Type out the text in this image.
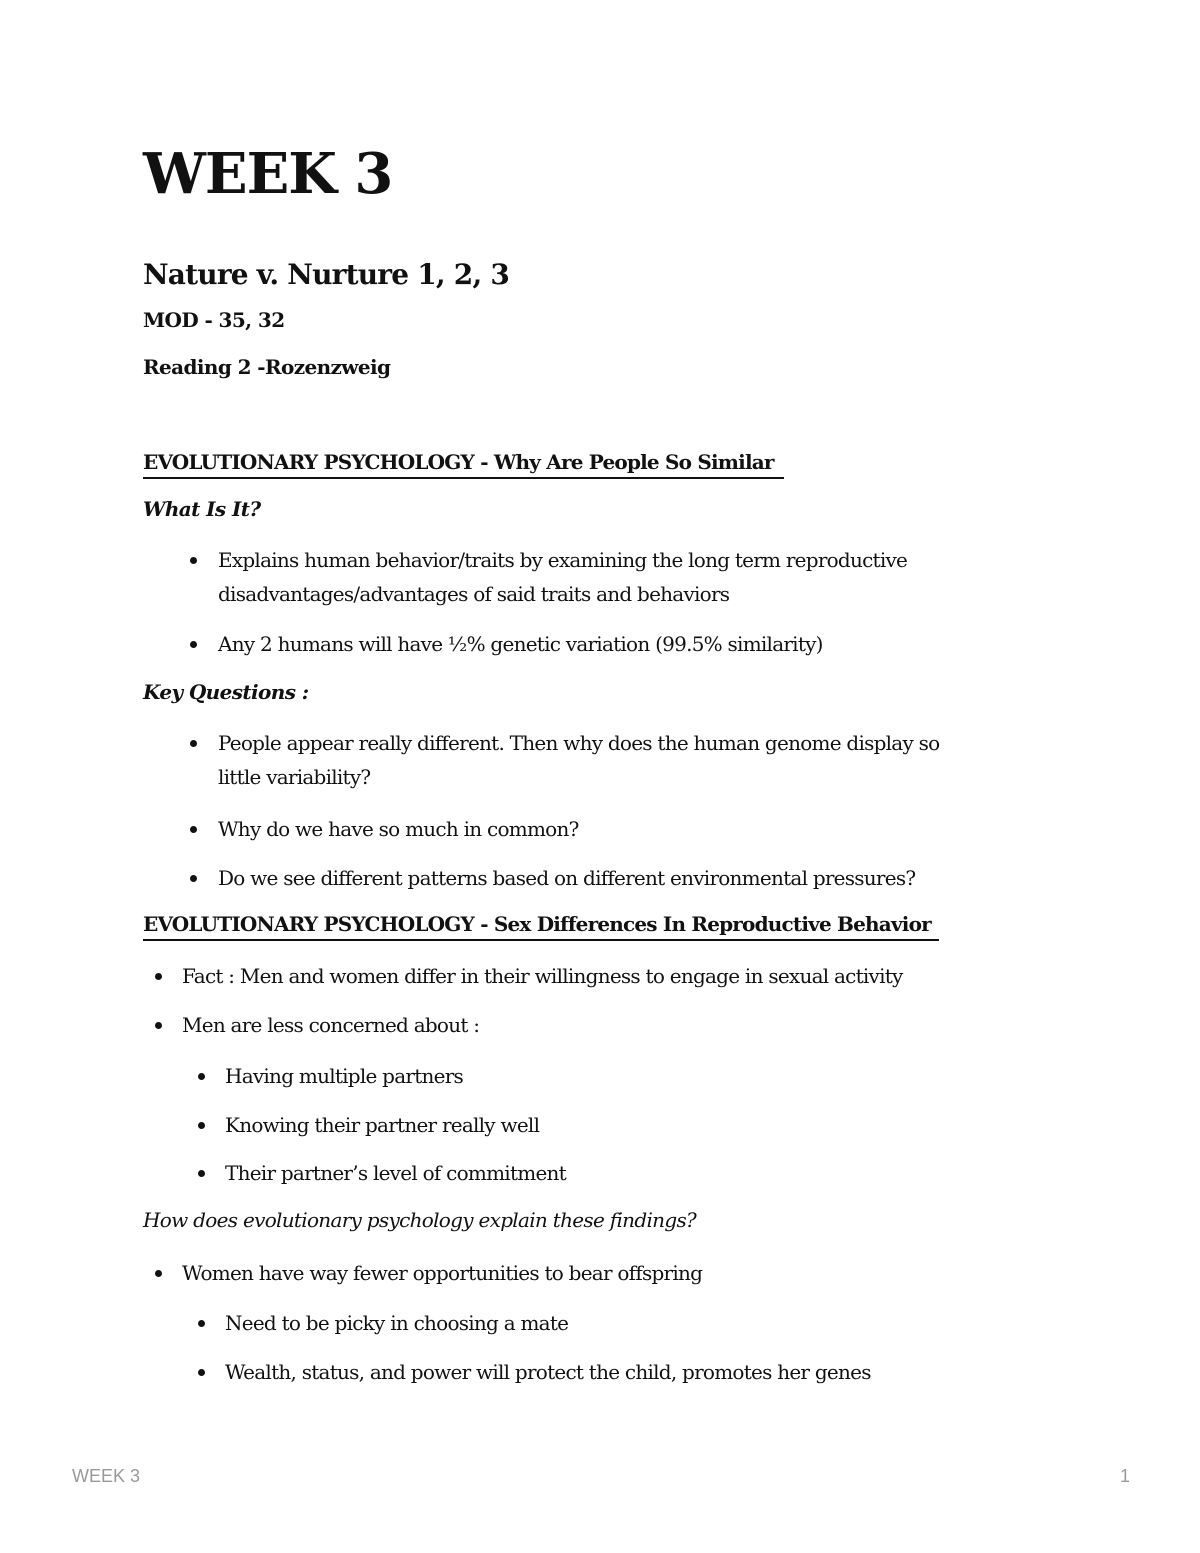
WEEK 3
Nature v. Nurture 1, 2, 3
MOD - 35, 32
Reading 2 -Rozenzweig
EVOLUTIONARY PSYCHOLOGY - Why Are People So Similar
What Is It?
Explains human behavior/traits by examining the long term reproductive
disadvantages/advantages of said traits and behaviors
Any 2 humans will have ½% genetic variation (99.5% similarity)
Key Questions :
People appear really different. Then why does the human genome display so
little variability?
Why do we have so much in common?
Do we see different patterns based on different environmental pressures?
EVOLUTIONARY PSYCHOLOGY - Sex Differences In Reproductive Behavior
Fact : Men and women differ in their willingness to engage in sexual activity
Men are less concerned about :
Having multiple partners
Knowing their partner really well
Their partner’s level of commitment
How does evolutionary psychology explain these findings?
Women have way fewer opportunities to bear offspring
Need to be picky in choosing a mate
Wealth, status, and power will protect the child, promotes her genes
WEEK 3	1
